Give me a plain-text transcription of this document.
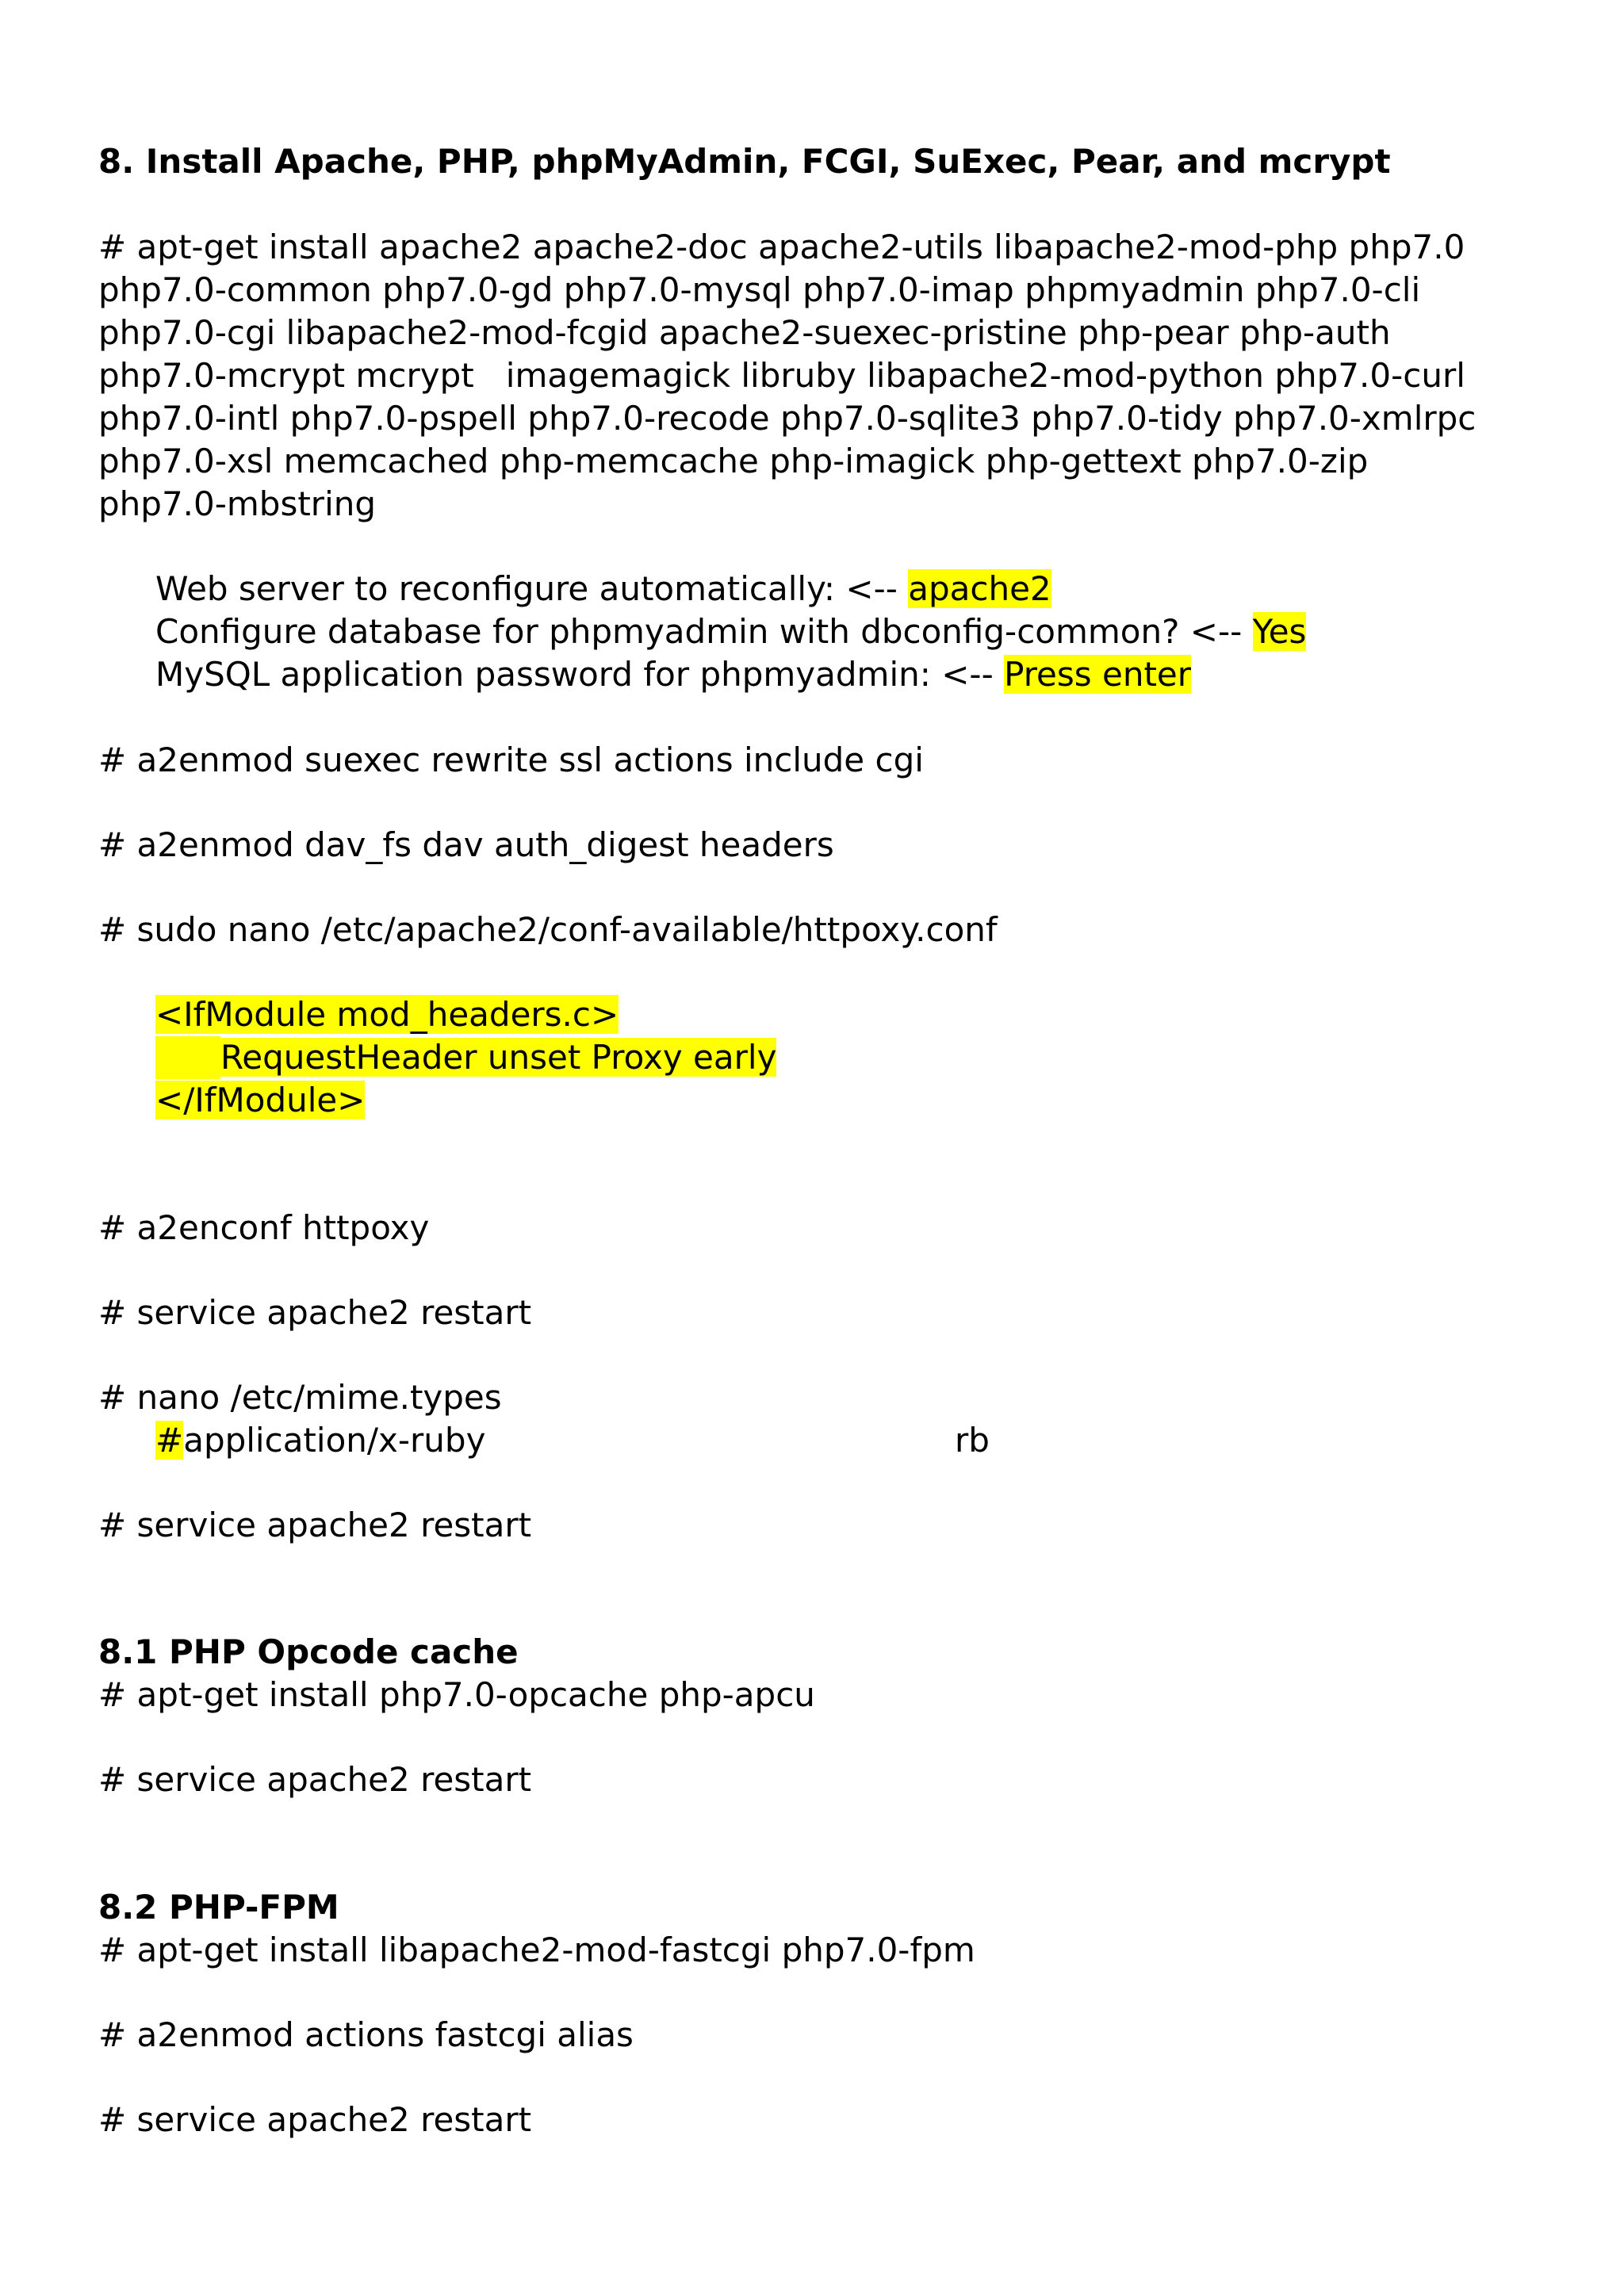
8. Install Apache, PHP, phpMyAdmin, FCGI, SuExec, Pear, and mcrypt
# apt-get install apache2 apache2-doc apache2-utils libapache2-mod-php php7.0
php7.0-common php7.0-gd php7.0-mysql php7.0-imap phpmyadmin php7.0-cli
php7.0-cgi libapache2-mod-fcgid apache2-suexec-pristine php-pear php-auth
php7.0-mcrypt mcrypt   imagemagick libruby libapache2-mod-python php7.0-curl
php7.0-intl php7.0-pspell php7.0-recode php7.0-sqlite3 php7.0-tidy php7.0-xmlrpc
php7.0-xsl memcached php-memcache php-imagick php-gettext php7.0-zip
php7.0-mbstring
Web server to reconfigure automatically: <-- apache2
Configure database for phpmyadmin with dbconfig-common? <-- Yes
MySQL application password for phpmyadmin: <-- Press enter
# a2enmod suexec rewrite ssl actions include cgi
# a2enmod dav_fs dav auth_digest headers
# sudo nano /etc/apache2/conf-available/httpoxy.conf
<IfModule mod_headers.c>
RequestHeader unset Proxy early
</IfModule>
# a2enconf httpoxy
# service apache2 restart
# nano /etc/mime.types
#application/x-ruby	rb
# service apache2 restart
8.1 PHP Opcode cache
# apt-get install php7.0-opcache php-apcu
# service apache2 restart
8.2 PHP-FPM
# apt-get install libapache2-mod-fastcgi php7.0-fpm
# a2enmod actions fastcgi alias
# service apache2 restart
